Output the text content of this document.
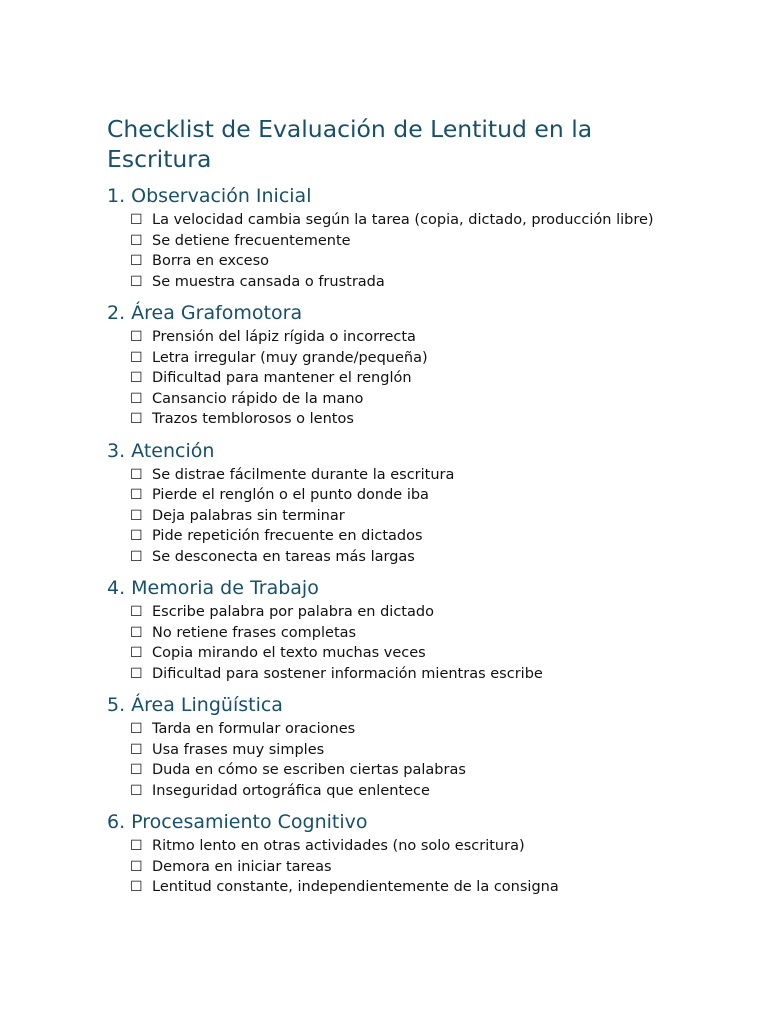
Checklist de Evaluación de Lentitud en la Escritura
1. Observación Inicial
☐ La velocidad cambia según la tarea (copia, dictado, producción libre)
☐ Se detiene frecuentemente
☐ Borra en exceso
☐ Se muestra cansada o frustrada
2. Área Grafomotora
☐ Prensión del lápiz rígida o incorrecta
☐ Letra irregular (muy grande/pequeña)
☐ Dificultad para mantener el renglón
☐ Cansancio rápido de la mano
☐ Trazos temblorosos o lentos
3. Atención
☐ Se distrae fácilmente durante la escritura
☐ Pierde el renglón o el punto donde iba
☐ Deja palabras sin terminar
☐ Pide repetición frecuente en dictados
☐ Se desconecta en tareas más largas
4. Memoria de Trabajo
☐ Escribe palabra por palabra en dictado
☐ No retiene frases completas
☐ Copia mirando el texto muchas veces
☐ Dificultad para sostener información mientras escribe
5. Área Lingüística
☐ Tarda en formular oraciones
☐ Usa frases muy simples
☐ Duda en cómo se escriben ciertas palabras
☐ Inseguridad ortográfica que enlentece
6. Procesamiento Cognitivo
☐ Ritmo lento en otras actividades (no solo escritura)
☐ Demora en iniciar tareas
☐ Lentitud constante, independientemente de la consigna
